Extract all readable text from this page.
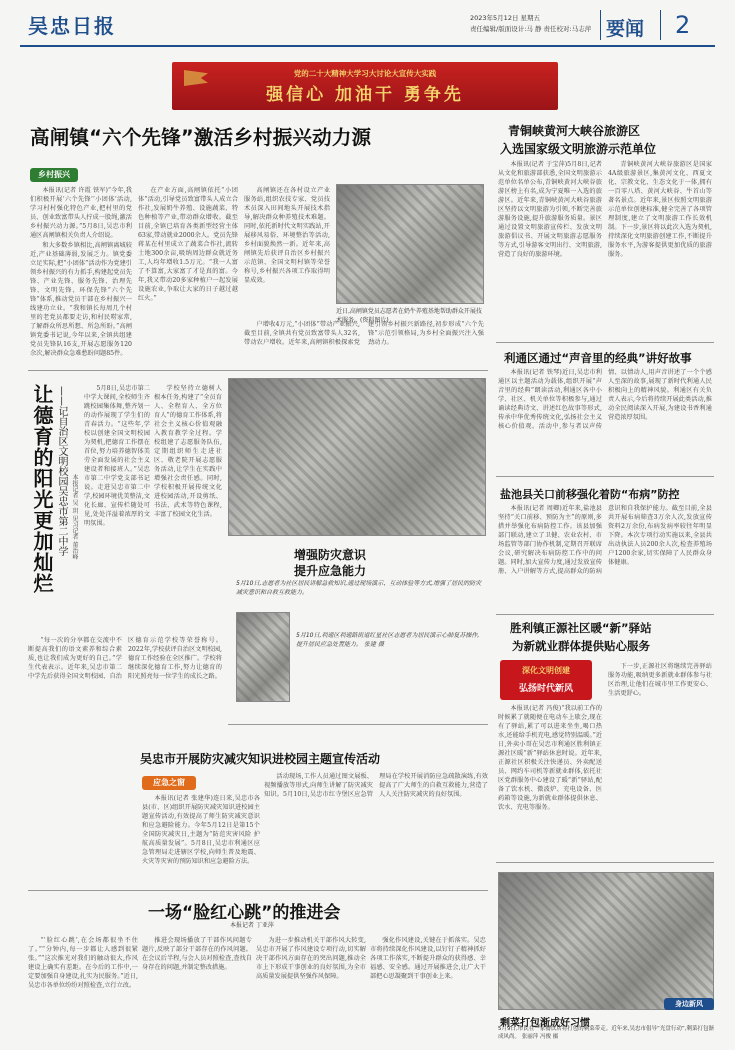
吴忠日报	2023年5月12日 星期五
责任编辑/版面设计:马 静 责任校对:马志萍 要闻 2
党的二十大精神大学习大讨论大宣传大实践
强信心 加油干 勇争先
高闸镇“六个先锋”激活乡村振兴动力源
乡村振兴

本报讯(记者 许霞 铁军)“今年,我们积极开展‘六个先锋’‘小团体’活动,学习村村强化特色产业,把村里的党员、创业致富带头人拧成一股绳,激活乡村振兴动力源。”5月8日,吴忠市利通区高闸镇相关负责人介绍说。

和大多数乡镇相比,高闸镇离城较近,产业基础薄弱,发展乏力。镇党委立足实际,把“小团体”活动作为党建引领乡村振兴的有力抓手,构建起党员先锋、产业先锋、服务先锋、治理先锋、文明先锋、环保先锋“六个先锋”体系,推动党员干部在乡村振兴一线建功立业。“我和镇长每周几个村里的老党员都要走访,和村民唠家常,了解群众所思所想、所急所盼。”高闸镇党委书记说,今年以来,全镇共组建党员先锋队16支,开展志愿服务120余次,解决群众急难愁盼问题85件。

在产业方面,高闸镇依托“小团体”活动,引导党员致富带头人成立合作社,发展奶牛养殖、设施蔬菜、特色种植等产业,带动群众增收。截至目前,全镇已培育各类新型经营主体63家,带动就业2000余人。党员先锋蒋某在村里成立了蔬菜合作社,流转土地300余亩,吸纳周边群众就近务工,人均年增收1.5万元。“我一人富了不算富,大家富了才是真的富。今年,我又带动20多家种植户一起发展设施农业,争取让大家的日子越过越红火。”

高闸镇还在各村设立产业服务站,组织农技专家、党员技术员深入田间地头开展技术指导,解决群众种养殖技术难题。同时,依托新时代文明实践站,开展移风易俗、环境整治等活动,乡村面貌焕然一新。近年来,高闸镇先后获评自治区乡村振兴示范镇、全国文明村镇等荣誉称号,乡村振兴各项工作取得明显成效。

近日,高闸镇党员志愿者在奶牛养殖基地帮助群众开展技术服务。(资料图片)

户增收4万元,“小团体”带动产业振兴,截至目前,全镇共有党员致富带头人32名,带动农户增收。近年来,高闸镇积极探索党建引领乡村振兴新路径,初步形成“六个先锋”示范引领格局,为乡村全面振兴注入强劲动力。

青铜峡黄河大峡谷旅游区
入选国家级文明旅游示范单位

本报讯(记者 于宝萍)5月8日,记者从文化和旅游部获悉,全国文明旅游示范单位名单公布,青铜峡黄河大峡谷旅游区榜上有名,成为宁夏唯一入选的旅游区。近年来,青铜峡黄河大峡谷旅游区坚持以文明旅游为引领,不断完善旅游服务设施,提升旅游服务质量。景区通过设置文明旅游宣传栏、发放文明旅游倡议书、开展文明旅游志愿服务等方式,引导游客文明出行、文明旅游,营造了良好的旅游环境。

青铜峡黄河大峡谷旅游区是国家4A级旅游景区,集黄河文化、西夏文化、宗教文化、生态文化于一体,拥有一百零八塔、黄河大峡谷、牛首山等著名景点。近年来,景区按照文明旅游示范单位创建标准,健全完善了各项管理制度,建立了文明旅游工作长效机制。下一步,景区将以此次入选为契机,持续深化文明旅游创建工作,不断提升服务水平,为游客提供更加优质的旅游服务。

利通区通过“声音里的经典”讲好故事

本报讯(记者 铁琴)近日,吴忠市利通区以主题活动为载体,组织开展“声音里的经典”朗读活动,利通区各中小学、社区、机关单位等积极参与,通过诵读经典诗文、讲述红色故事等形式,传承中华优秀传统文化,弘扬社会主义核心价值观。活动中,参与者以声传情、以情动人,用声音讲述了一个个感人至深的故事,展现了新时代利通人民积极向上的精神风貌。利通区有关负责人表示,今后将持续开展此类活动,推动全民阅读深入开展,为建设书香利通营造浓厚氛围。

盐池县关口前移强化着防“布病”防控

本报讯(记者 周卿)近年来,盐池县坚持“关口前移、预防为主”的原则,多措并举强化布病防控工作。该县加强部门联动,建立了卫健、农业农村、市场监管等部门协作机制,定期召开联席会议,研究解决布病防控工作中的问题。同时,加大宣传力度,通过发放宣传册、入户讲解等方式,提高群众的防病意识和自我保护能力。截至目前,全县共开展布病筛查3万余人次,发放宣传资料2万余份,布病发病率较往年明显下降。本次专项行动实施以来,全县共出动执法人员200余人次,检查养殖场户1200余家,切实保障了人民群众身体健康。

让德育的阳光更加灿烂 ——记自治区文明校园吴忠市第二中学 本报记者 吴 玥 见习记者 董治峰

5月8日,吴忠市第二中学大课间,全校师生齐跳校园集体舞,整齐划一的动作展现了学生们的青春活力。“这些年,学校以创建全国文明校园为契机,把德育工作摆在首位,努力培养德智体美劳全面发展的社会主义建设者和接班人。”吴忠市第二中学党支部书记说。走进吴忠市第二中学,校园环境优美整洁,文化长廊、宣传栏随处可见,处处洋溢着浓厚的文明氛围。

学校坚持立德树人根本任务,构建了“全员育人、全程育人、全方位育人”的德育工作体系,将社会主义核心价值观融入教育教学全过程。学校组建了志愿服务队伍,定期组织师生走进社区、敬老院开展志愿服务活动,让学生在实践中增强社会责任感。同时,学校积极开展传统文化进校园活动,开设剪纸、书法、武术等特色课程,丰富了校园文化生活。

“每一次的分享都在交流中不断提高我们的语文素养和综合素质,也让我们成为更好的自己。”学生代表表示。近年来,吴忠市第二中学先后获得全国文明校园、自治区德育示范学校等荣誉称号。2022年,学校获评自治区文明校园,德育工作经验在全区推广。学校将继续深化德育工作,努力让德育的阳光照亮每一位学生的成长之路。

增强防灾意识
提升应急能力
5月10日,志愿者为社区居民讲解急救知识,通过现场演示、互动体验等方式,增强了居民的防灾减灾意识和自救互救能力。
5月10日,利通区利通路街道红星社区志愿者为居民演示心肺复苏操作,提升居民应急处置能力。 张建 摄
吴忠市开展防灾减灾知识进校园主题宣传活动
应急之窗

本报讯(记者 张建华)连日来,吴忠市各县(市、区)组织开展防灾减灾知识进校园主题宣传活动,有效提高了师生防灾减灾意识和应急避险能力。今年5月12日是第15个全国防灾减灾日,主题为“防范灾害风险 护航高质量发展”。5月8日,吴忠市利通区应急管理局走进辖区学校,向师生普及地震、火灾等灾害的预防知识和应急避险方法。

活动现场,工作人员通过图文展板、视频播放等形式,向师生讲解了防灾减灾知识。5月10日,吴忠市红寺堡区应急管理局在学校开展消防应急疏散演练,有效提高了广大师生的自救互救能力,营造了人人关注防灾减灾的良好氛围。

胜利镇正源社区暖“新”驿站
为新就业群体提供贴心服务
深化文明创建
弘扬时代新风

本报讯(记者 冯俊)“我以前工作的时候累了就随便在电动车上歇会,现在有了驿站,累了可以进来坐坐,喝口热水,还能给手机充电,感觉特别温暖。”近日,外卖小哥在吴忠市利通区胜利镇正源社区暖“新”驿站休息时说。近年来,正源社区积极关注快递员、外卖配送员、网约车司机等新就业群体,依托社区党群服务中心建设了暖“新”驿站,配备了饮水机、微波炉、充电设备、医药箱等设施,为新就业群体提供休息、饮水、充电等服务。

下一步,正源社区将继续完善驿站服务功能,吸纳更多新就业群体参与社区治理,让他们在城市里工作更安心、生活更舒心。

一场“脸红心跳”的推进会
本报记者 丁亚萍

“‘脸红心跳’,在会场都很坐不住了。”“分钟内,每一步都让人感到很紧张。”“这次推光对我们的触动很大,作风建设上确实有差距。在今后的工作中,一定要加强自身建设,扎实为民服务。”近日,吴忠市各单位纷纷对照检查,立行立改。

推进会现场播放了干部作风问题专题片,反映了部分干部存在的作风问题。在会议后半程,与会人员对照检查,查找自身存在的问题,并制定整改措施。

为进一步推动机关干部作风大转变,吴忠市开展了作风建设专项行动,切实解决干部作风方面存在的突出问题,推动全市上下形成干事创业的良好氛围,为全市高质量发展提供坚强作风保障。

强化作风建设,关键在于抓落实。吴忠市将持续深化作风建设,以钉钉子精神抓好各项工作落实,不断提升群众的获得感、幸福感、安全感。通过开展推进会,让广大干部把心思凝聚到干事创业上来。

身边新风
剩菜打包渐成好习惯
5月9日,市民在一家餐饮店将打包的剩菜带走。近年来,吴忠市倡导“光盘行动”,剩菜打包渐成风尚。 张丽萍 冯俊 摄
